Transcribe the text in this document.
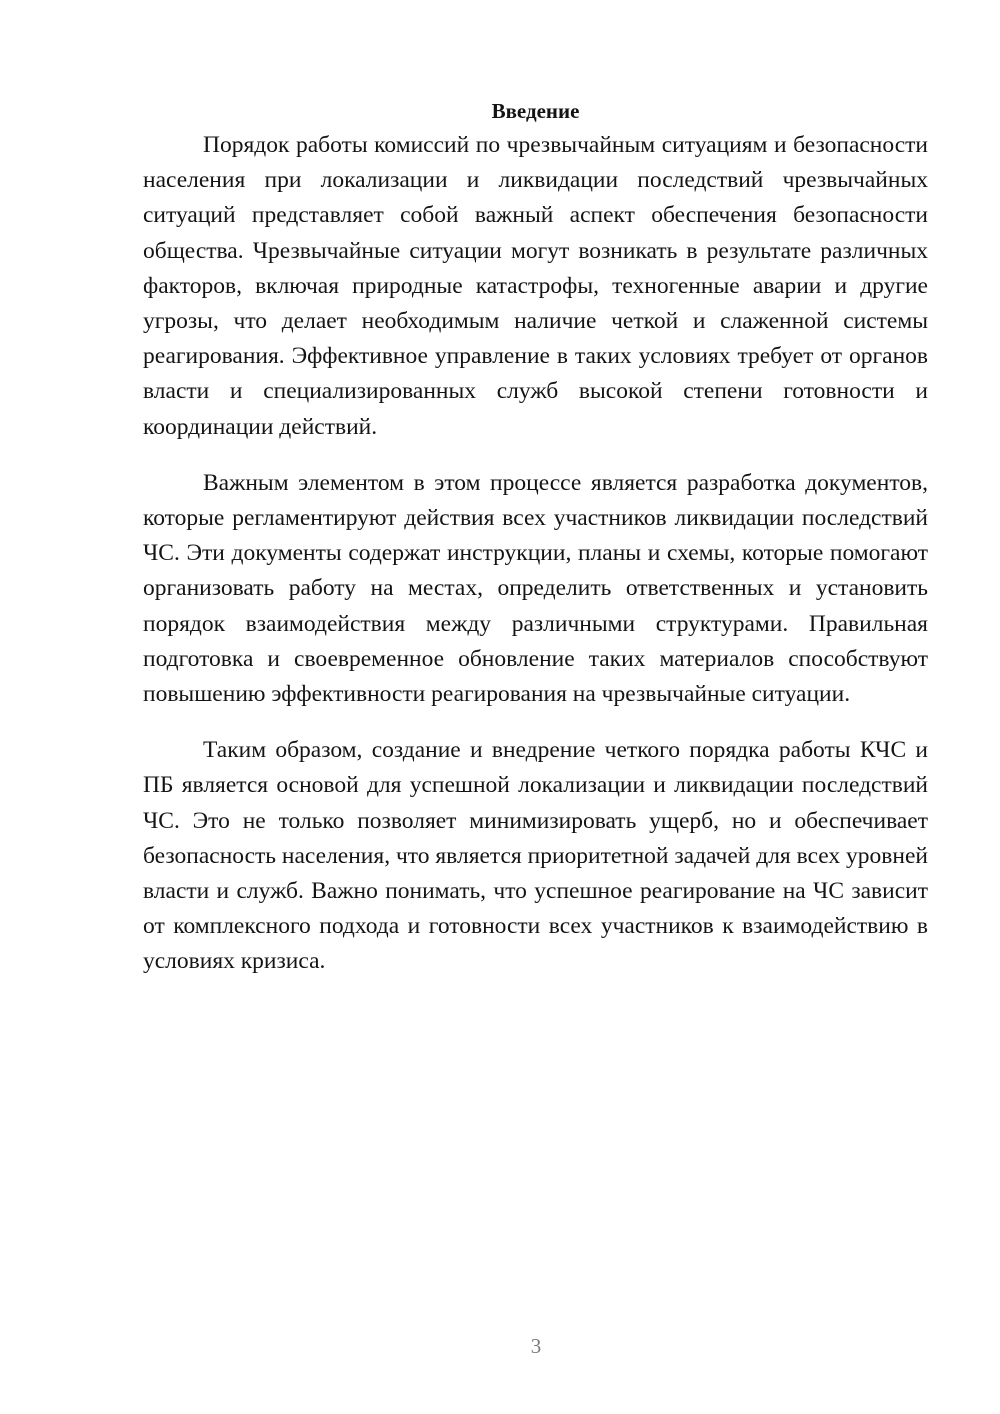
Введение

Порядок работы комиссий по чрезвычайным ситуациям и безопасности населения при локализации и ликвидации последствий чрезвычайных ситуаций представляет собой важный аспект обеспечения безопасности общества. Чрезвычайные ситуации могут возникать в результате различных факторов, включая природные катастрофы, техногенные аварии и другие угрозы, что делает необходимым наличие четкой и слаженной системы реагирования. Эффективное управление в таких условиях требует от органов власти и специализированных служб высокой степени готовности и координации действий.

Важным элементом в этом процессе является разработка документов, которые регламентируют действия всех участников ликвидации последствий ЧС. Эти документы содержат инструкции, планы и схемы, которые помогают организовать работу на местах, определить ответственных и установить порядок взаимодействия между различными структурами. Правильная подготовка и своевременное обновление таких материалов способствуют повышению эффективности реагирования на чрезвычайные ситуации.

Таким образом, создание и внедрение четкого порядка работы КЧС и ПБ является основой для успешной локализации и ликвидации последствий ЧС. Это не только позволяет минимизировать ущерб, но и обеспечивает безопасность населения, что является приоритетной задачей для всех уровней власти и служб. Важно понимать, что успешное реагирование на ЧС зависит от комплексного подхода и готовности всех участников к взаимодействию в условиях кризиса.

3
